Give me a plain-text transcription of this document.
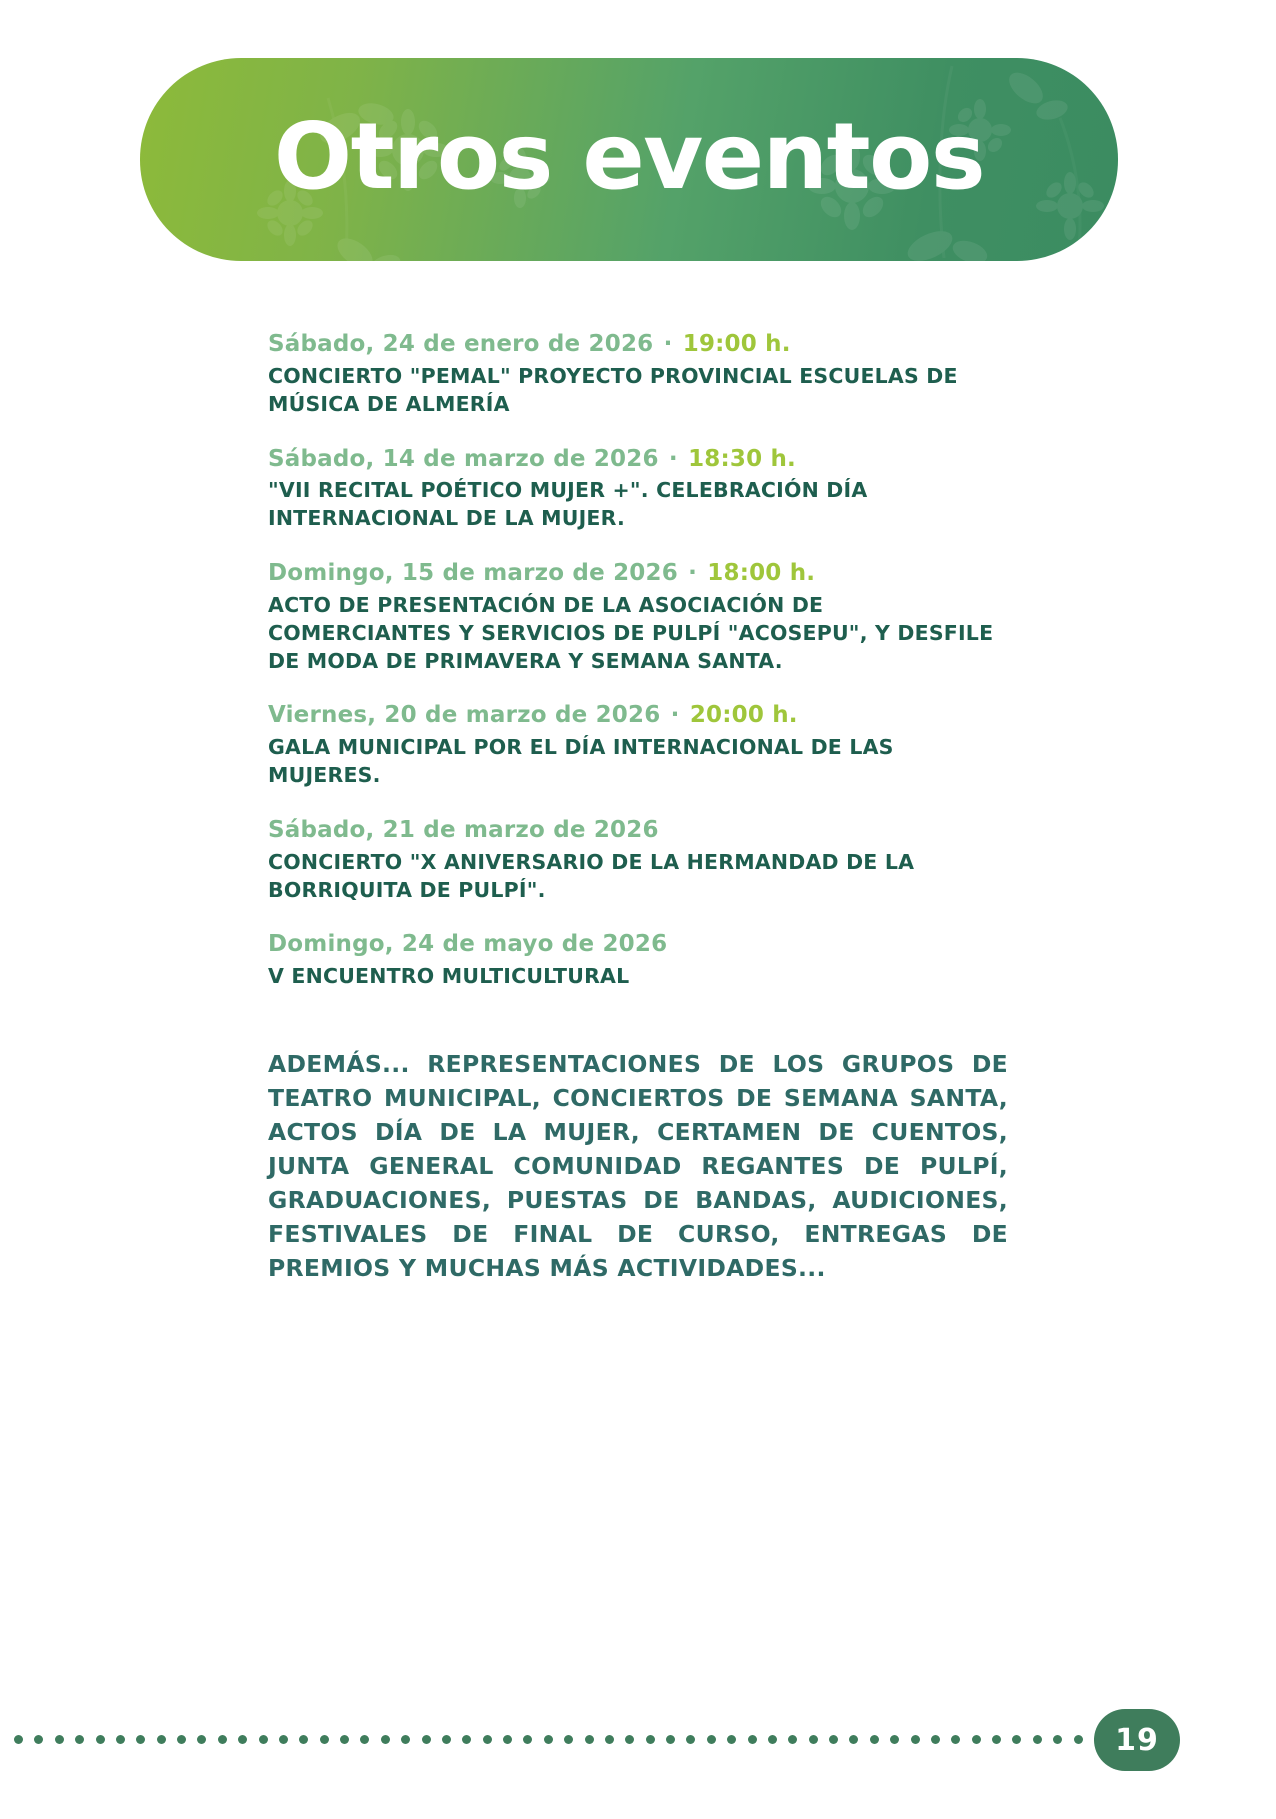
Otros eventos
Sábado, 24 de enero de 2026 · 19:00 h.
CONCIERTO "PEMAL" PROYECTO PROVINCIAL ESCUELAS DE MÚSICA DE ALMERÍA
Sábado, 14 de marzo de 2026 · 18:30 h.
"VII RECITAL POÉTICO MUJER +". CELEBRACIÓN DÍA INTERNACIONAL DE LA MUJER.
Domingo, 15 de marzo de 2026 · 18:00 h.
ACTO DE PRESENTACIÓN DE LA ASOCIACIÓN DE COMERCIANTES Y SERVICIOS DE PULPÍ "ACOSEPU", Y DESFILE DE MODA DE PRIMAVERA Y SEMANA SANTA.
Viernes, 20 de marzo de 2026 · 20:00 h.
GALA MUNICIPAL POR EL DÍA INTERNACIONAL DE LAS MUJERES.
Sábado, 21 de marzo de 2026
CONCIERTO "X ANIVERSARIO DE LA HERMANDAD DE LA BORRIQUITA DE PULPÍ".
Domingo, 24 de mayo de 2026
V ENCUENTRO MULTICULTURAL
ADEMÁS... REPRESENTACIONES DE LOS GRUPOS DE TEATRO MUNICIPAL, CONCIERTOS DE SEMANA SANTA, ACTOS DÍA DE LA MUJER, CERTAMEN DE CUENTOS, JUNTA GENERAL COMUNIDAD REGANTES DE PULPÍ, GRADUACIONES, PUESTAS DE BANDAS, AUDICIONES, FESTIVALES DE FINAL DE CURSO, ENTREGAS DE PREMIOS Y MUCHAS MÁS ACTIVIDADES...
19
